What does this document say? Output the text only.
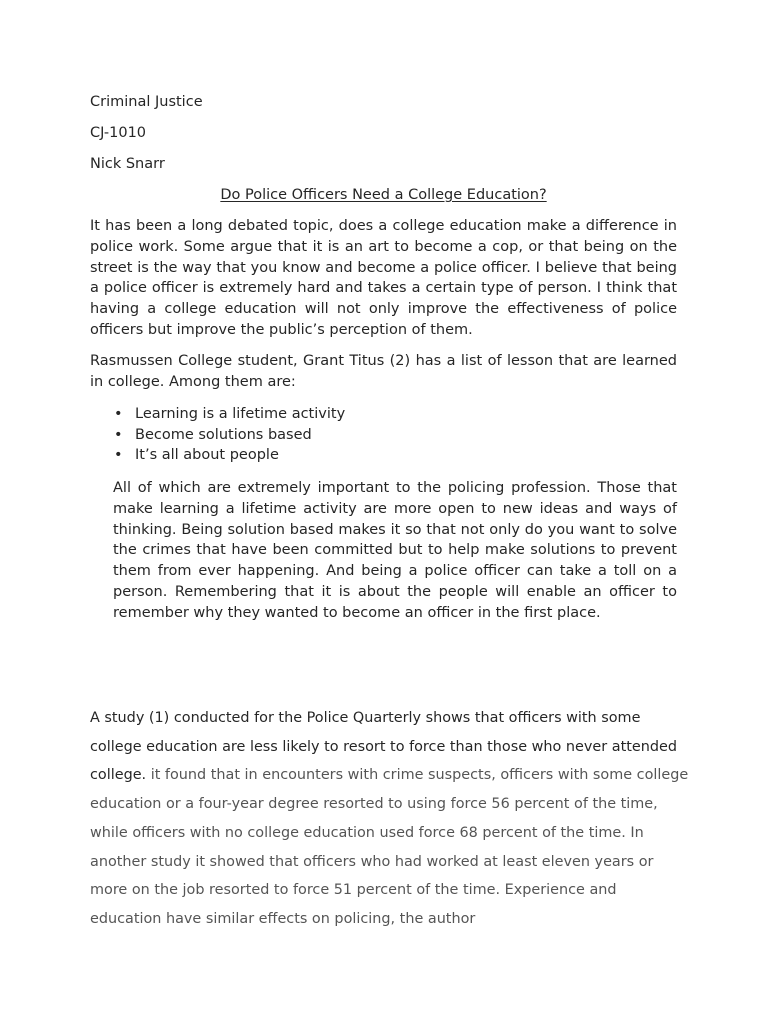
Criminal Justice
CJ-1010
Nick Snarr
Do Police Officers Need a College Education?

It has been a long debated topic, does a college education make a difference in police work. Some argue that it is an art to become a cop, or that being on the street is the way that you know and become a police officer. I believe that being a police officer is extremely hard and takes a certain type of person. I think that having a college education will not only improve the effectiveness of police officers but improve the public’s perception of them.

Rasmussen College student, Grant Titus (2) has a list of lesson that are learned in college. Among them are:

• Learning is a lifetime activity
• Become solutions based
• It’s all about people

All of which are extremely important to the policing profession. Those that make learning a lifetime activity are more open to new ideas and ways of thinking. Being solution based makes it so that not only do you want to solve the crimes that have been committed but to help make solutions to prevent them from ever happening. And being a police officer can take a toll on a person. Remembering that it is about the people will enable an officer to remember why they wanted to become an officer in the first place.

A study (1) conducted for the Police Quarterly shows that officers with some college education are less likely to resort to force than those who never attended college. it found that in encounters with crime suspects, officers with some college education or a four-year degree resorted to using force 56 percent of the time, while officers with no college education used force 68 percent of the time. In another study it showed that officers who had worked at least eleven years or more on the job resorted to force 51 percent of the time. Experience and education have similar effects on policing, the author
